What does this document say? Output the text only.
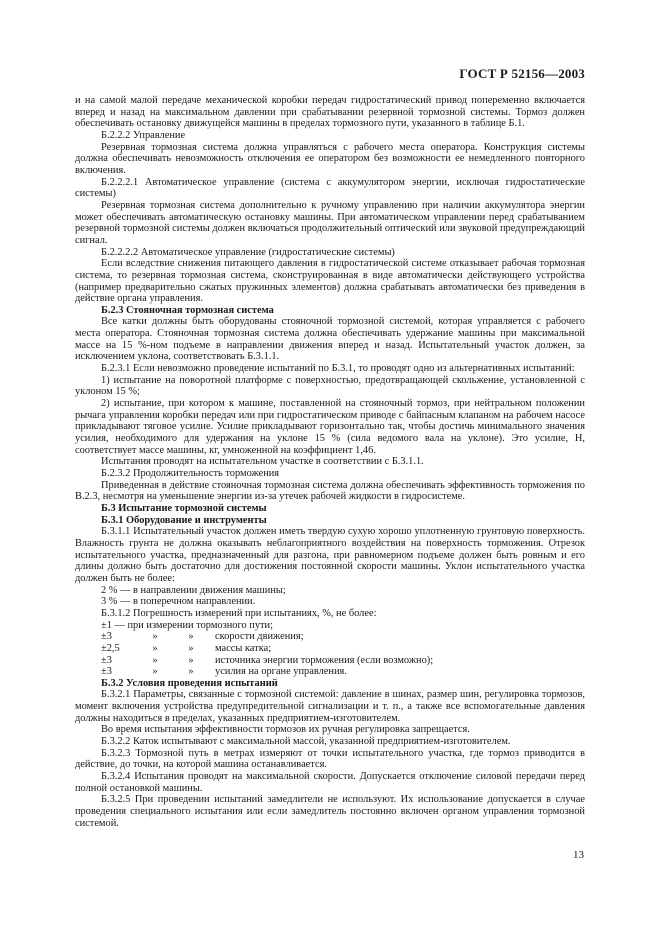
ГОСТ Р 52156—2003

и на самой малой передаче механической коробки передач гидростатический привод попеременно включается вперед и назад на максимальном давлении при срабатывании резервной тормозной системы. Тормоз должен обеспечивать остановку движущейся машины в пределах тормозного пути, указанного в таблице Б.1.

Б.2.2.2 Управление

Резервная тормозная система должна управляться с рабочего места оператора. Конструкция системы должна обеспечивать невозможность отключения ее оператором без возможности ее немедленного повторного включения.

Б.2.2.2.1 Автоматическое управление (система с аккумулятором энергии, исключая гидростатические системы)

Резервная тормозная система дополнительно к ручному управлению при наличии аккумулятора энергии может обеспечивать автоматическую остановку машины. При автоматическом управлении перед срабатыванием резервной тормозной системы должен включаться продолжительный оптический или звуковой предупреждающий сигнал.

Б.2.2.2.2 Автоматическое управление (гидростатические системы)

Если вследствие снижения питающего давления в гидростатической системе отказывает рабочая тормозная система, то резервная тормозная система, сконструированная в виде автоматически действующего устройства (например предварительно сжатых пружинных элементов) должна срабатывать автоматически без приведения в действие органа управления.

Б.2.3 Стояночная тормозная система

Все катки должны быть оборудованы стояночной тормозной системой, которая управляется с рабочего места оператора. Стояночная тормозная система должна обеспечивать удержание машины при максимальной массе на 15 %-ном подъеме в направлении движения вперед и назад. Испытательный участок должен, за исключением уклона, соответствовать Б.3.1.1.

Б.2.3.1 Если невозможно проведение испытаний по Б.3.1, то проводят одно из альтернативных испытаний:

1) испытание на поворотной платформе с поверхностью, предотвращающей скольжение, установленной с уклоном 15 %;

2) испытание, при котором к машине, поставленной на стояночный тормоз, при нейтральном положении рычага управления коробки передач или при гидростатическом приводе с байпасным клапаном на рабочем насосе прикладывают тяговое усилие. Усилие прикладывают горизонтально так, чтобы достичь минимального значения усилия, необходимого для удержания на уклоне 15 % (сила ведомого вала на уклоне). Это усилие, Н, соответствует массе машины, кг, умноженной на коэффициент 1,46.

Испытания проводят на испытательном участке в соответствии с Б.3.1.1.

Б.2.3.2 Продолжительность торможения

Приведенная в действие стояночная тормозная система должна обеспечивать эффективность торможения по В.2.3, несмотря на уменьшение энергии из-за утечек рабочей жидкости в гидросистеме.

Б.3 Испытание тормозной системы

Б.3.1 Оборудование и инструменты

Б.3.1.1 Испытательный участок должен иметь твердую сухую хорошо уплотненную грунтовую поверхность. Влажность грунта не должна оказывать неблагоприятного воздействия на поверхность торможения. Отрезок испытательного участка, предназначенный для разгона, при равномерном подъеме должен быть ровным и его длины должно быть достаточно для достижения постоянной скорости машины. Уклон испытательного участка должен быть не более:

2 % — в направлении движения машины;

3 % — в поперечном направлении.

Б.3.1.2 Погрешность измерений при испытаниях, %, не более:

±1 — при измерении тормозного пути;

±3	»	»	скорости движения;
±2,5	»	»	массы катка;
±3	»	»	источника энергии торможения (если возможно);
±3	»	»	усилия на органе управления.

Б.3.2 Условия проведения испытаний

Б.3.2.1 Параметры, связанные с тормозной системой: давление в шинах, размер шин, регулировка тормозов, момент включения устройства предупредительной сигнализации и т. п., а также все вспомогательные давления должны находиться в пределах, указанных предприятием-изготовителем.

Во время испытания эффективности тормозов их ручная регулировка запрещается.

Б.3.2.2 Каток испытывают с максимальной массой, указанной предприятием-изготовителем.

Б.3.2.3 Тормозной путь в метрах измеряют от точки испытательного участка, где тормоз приводится в действие, до точки, на которой машина останавливается.

Б.3.2.4 Испытания проводят на максимальной скорости. Допускается отключение силовой передачи перед полной остановкой машины.

Б.3.2.5 При проведении испытаний замедлители не используют. Их использование допускается в случае проведения специального испытания или если замедлитель постоянно включен органом управления тормозной системой.

13
